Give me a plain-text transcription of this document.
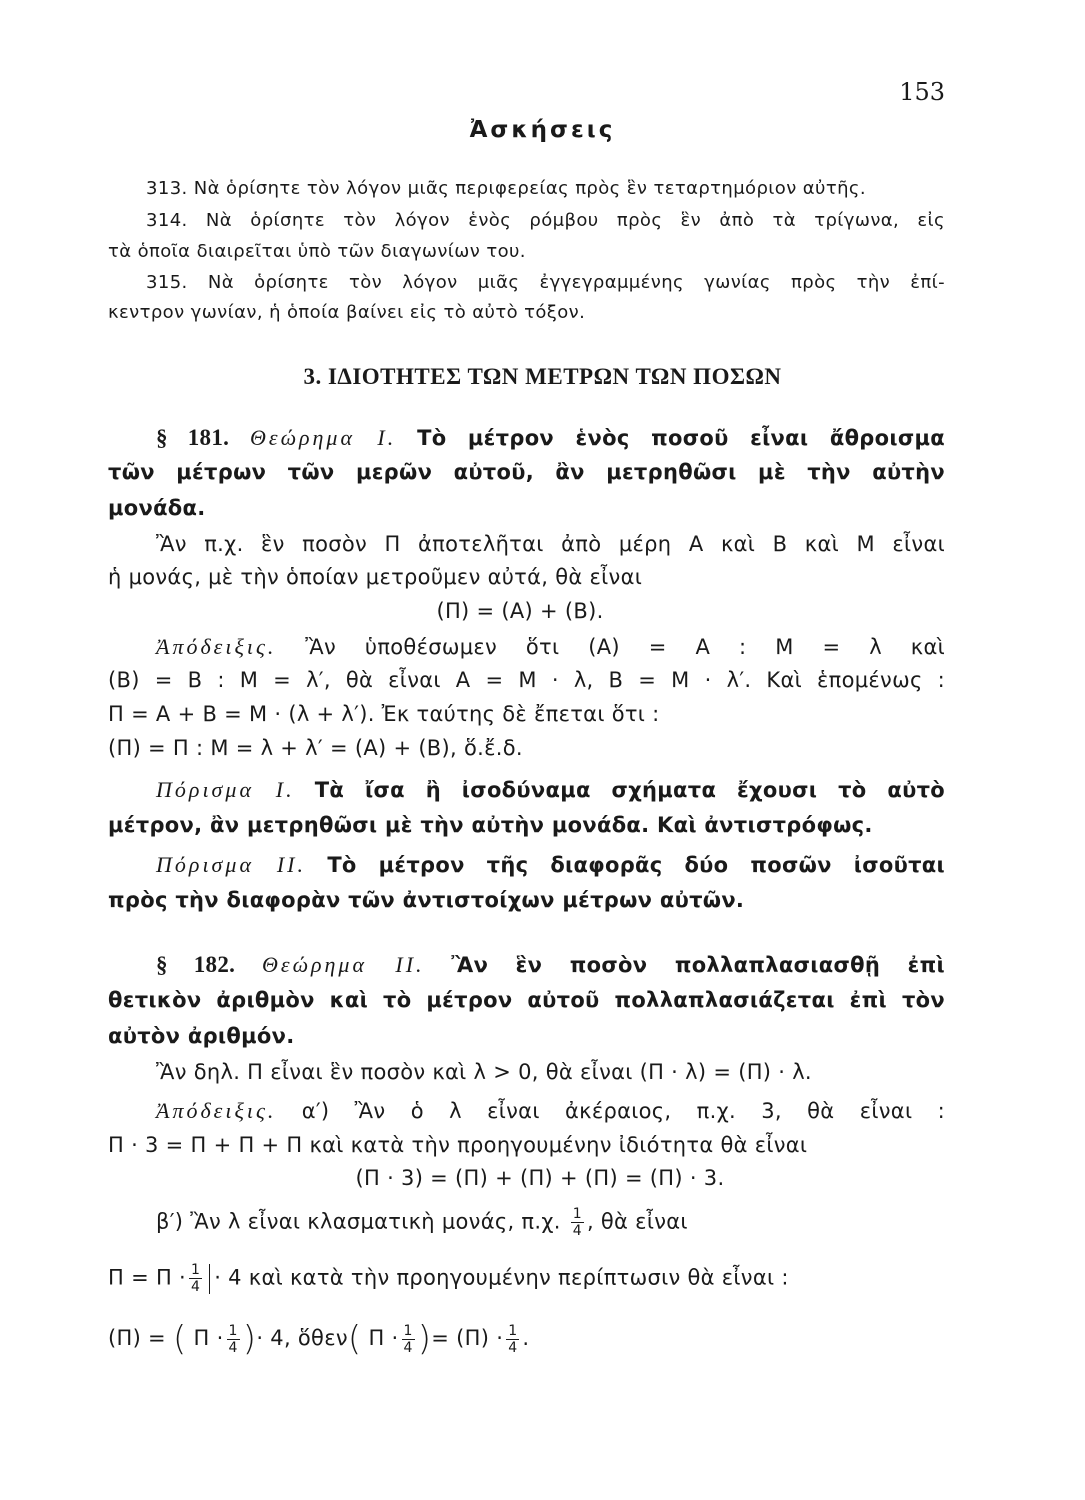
153
Ἀσκήσεις
313. Νὰ ὁρίσητε τὸν λόγον μιᾶς περιφερείας πρὸς ἓν τεταρτημόριον αὐτῆς.
314. Νὰ ὁρίσητε τὸν λόγον ἑνὸς ρόμβου πρὸς ἓν ἀπὸ τὰ τρίγωνα, εἰς
τὰ ὁποῖα διαιρεῖται ὑπὸ τῶν διαγωνίων του.
315. Νὰ ὁρίσητε τὸν λόγον μιᾶς ἐγγεγραμμένης γωνίας πρὸς τὴν ἐπί-
κεντρον γωνίαν, ἡ ὁποία βαίνει εἰς τὸ αὐτὸ τόξον.
3. ΙΔΙΟΤΗΤΕΣ ΤΩΝ ΜΕΤΡΩΝ ΤΩΝ ΠΟΣΩΝ
§ 181. Θεώρημα Ι. Τὸ μέτρον ἑνὸς ποσοῦ εἶναι ἄθροισμα
τῶν μέτρων τῶν μερῶν αὐτοῦ, ἂν μετρηθῶσι μὲ τὴν αὐτὴν
μονάδα.
Ἂν π.χ. ἓν ποσὸν Π ἀποτελῆται ἀπὸ μέρη Α καὶ Β καὶ Μ εἶναι
ἡ μονάς, μὲ τὴν ὁποίαν μετροῦμεν αὐτά, θὰ εἶναι
(Π) = (Α) + (Β).
Ἀπόδειξις. Ἂν ὑποθέσωμεν ὅτι (Α) = Α : Μ = λ καὶ
(Β) = Β : Μ = λ′, θὰ εἶναι Α = Μ · λ, Β = Μ · λ′. Καὶ ἑπομένως :
Π = Α + Β = Μ · (λ + λ′). Ἐκ ταύτης δὲ ἔπεται ὅτι :
(Π) = Π : Μ = λ + λ′ = (Α) + (Β), ὅ.ἔ.δ.
Πόρισμα Ι. Τὰ ἴσα ἢ ἰσοδύναμα σχήματα ἔχουσι τὸ αὐτὸ
μέτρον, ἂν μετρηθῶσι μὲ τὴν αὐτὴν μονάδα. Καὶ ἀντιστρόφως.
Πόρισμα ΙΙ. Τὸ μέτρον τῆς διαφορᾶς δύο ποσῶν ἰσοῦται
πρὸς τὴν διαφορὰν τῶν ἀντιστοίχων μέτρων αὐτῶν.
§ 182. Θεώρημα ΙΙ. Ἂν ἓν ποσὸν πολλαπλασιασθῇ ἐπὶ
θετικὸν ἀριθμὸν καὶ τὸ μέτρον αὐτοῦ πολλαπλασιάζεται ἐπὶ τὸν
αὐτὸν ἀριθμόν.
Ἂν δηλ. Π εἶναι ἓν ποσὸν καὶ λ > 0, θὰ εἶναι (Π · λ) = (Π) · λ.
Ἀπόδειξις. α′) Ἂν ὁ λ εἶναι ἀκέραιος, π.χ. 3, θὰ εἶναι :
Π · 3 = Π + Π + Π καὶ κατὰ τὴν προηγουμένην ἰδιότητα θὰ εἶναι
(Π · 3) = (Π) + (Π) + (Π) = (Π) · 3.
β′) Ἂν λ εἶναι κλασματικὴ μονάς, π.χ. $\frac{1}{4}$ , θὰ εἶναι
$\Pi = \Pi \cdot \frac{1}{4} \cdot 4$ καὶ κατὰ τὴν προηγουμένην περίπτωσιν θὰ εἶναι :
(Π) = ( $\Pi \cdot \frac{1}{4}$ )· 4, ὅθεν( $\Pi \cdot \frac{1}{4}$ )= $(\Pi) \cdot \frac{1}{4}$ .
